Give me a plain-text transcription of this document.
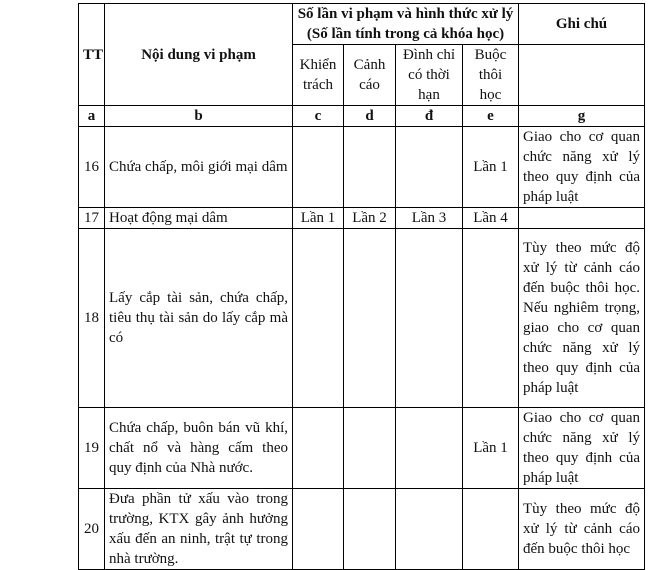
TT	Nội dung vi phạm	Số lần vi phạm và hình thức xử lý
(Số lần tính trong cả khóa học)				Ghi chú
		Khiển trách	Cảnh cáo	Đình chỉ có thời hạn	Buộc thôi học	
a	b	c	d	đ	e	g
16	Chứa chấp, môi giới mại dâm				Lần 1	Giao cho cơ quan chức năng xử lý theo quy định của pháp luật
17	Hoạt động mại dâm	Lần 1	Lần 2	Lần 3	Lần 4	
18	Lấy cắp tài sản, chứa chấp, tiêu thụ tài sản do lấy cắp mà có					Tùy theo mức độ xử lý từ cảnh cáo đến buộc thôi học. Nếu nghiêm trọng, giao cho cơ quan chức năng xử lý theo quy định của pháp luật
19	Chứa chấp, buôn bán vũ khí, chất nổ và hàng cấm theo quy định của Nhà nước.				Lần 1	Giao cho cơ quan chức năng xử lý theo quy định của pháp luật
20	Đưa phần tử xấu vào trong trường, KTX gây ảnh hưởng xấu đến an ninh, trật tự trong nhà trường.					Tùy theo mức độ xử lý từ cảnh cáo đến buộc thôi học
